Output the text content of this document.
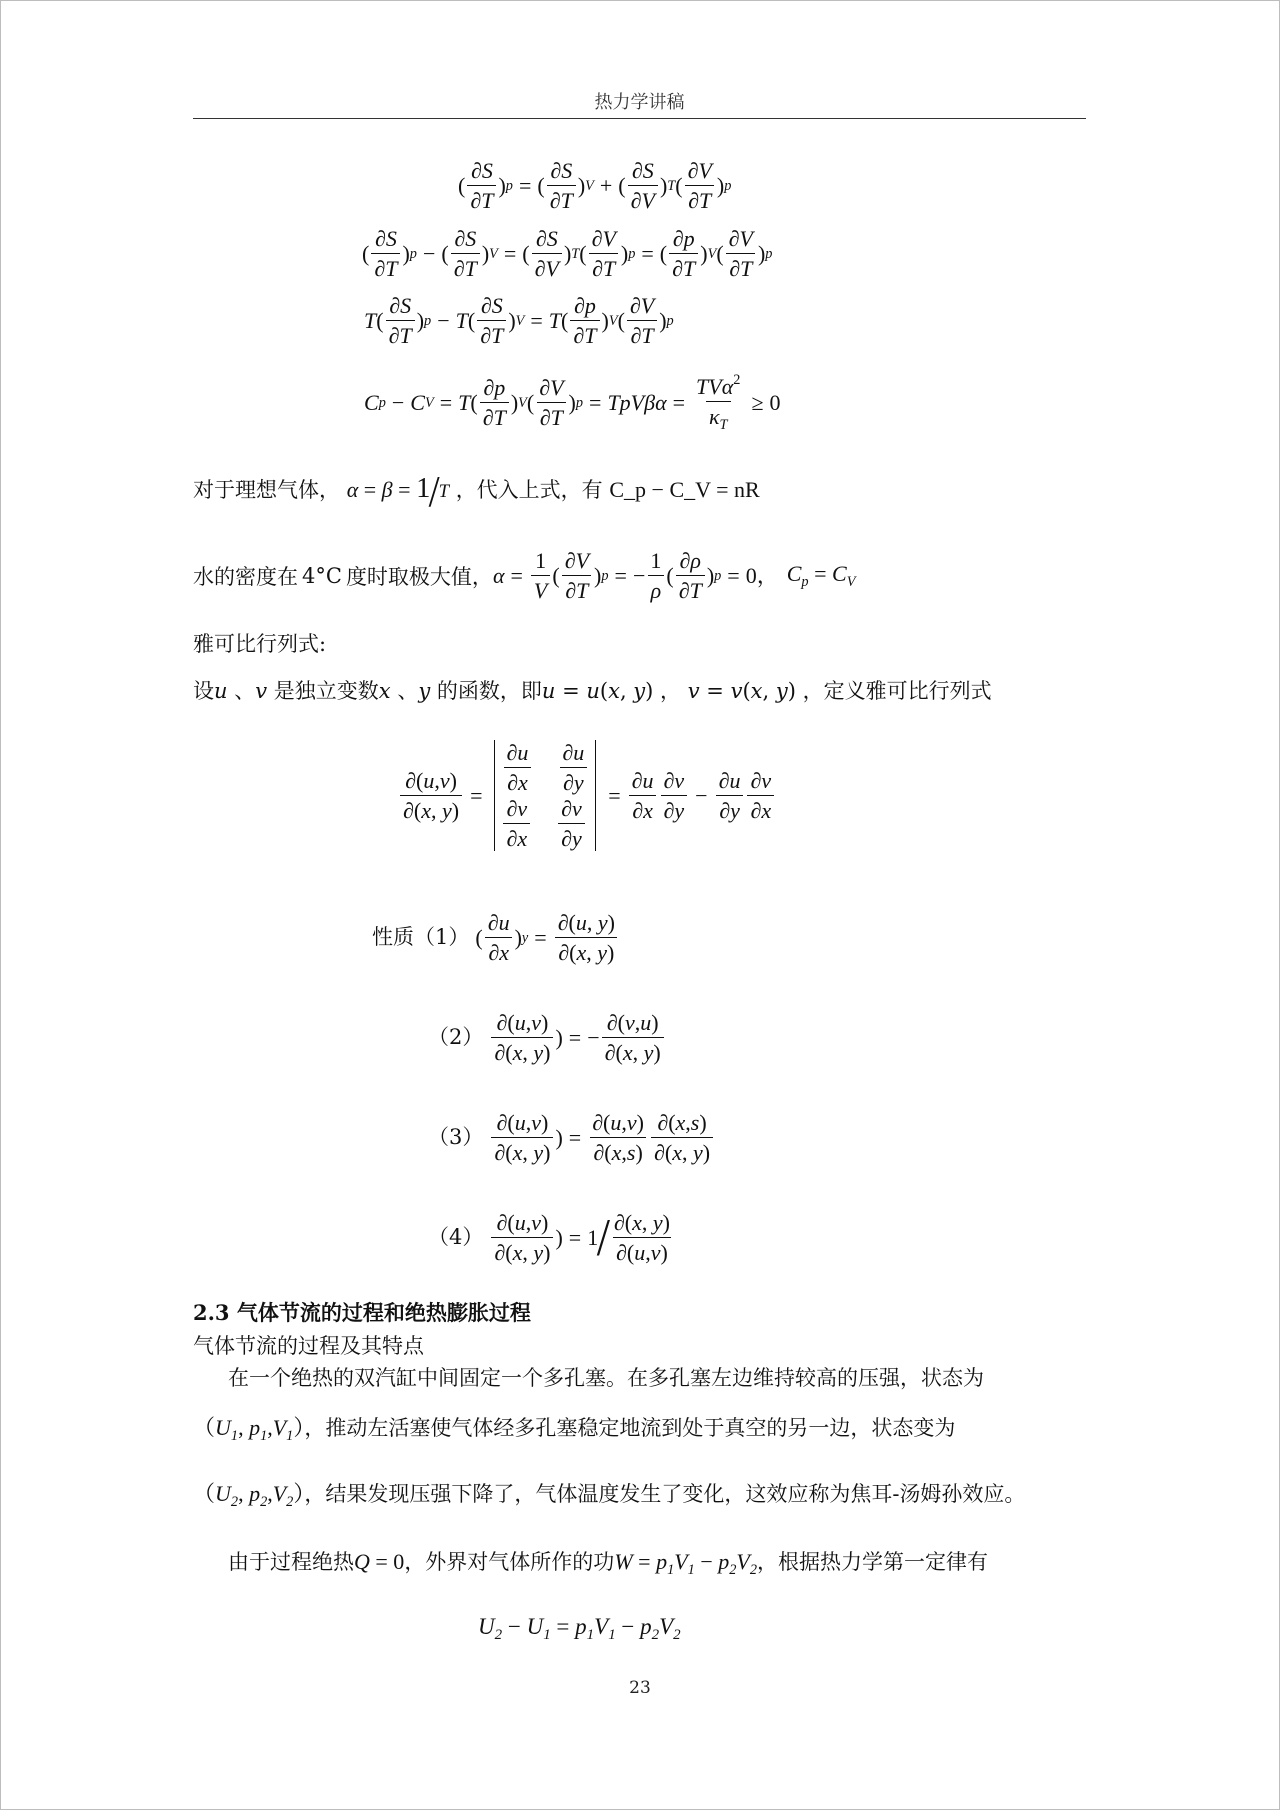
热力学讲稿
( $\frac{\partial S}{\partial T}$ ) p = ( $\frac{\partial S}{\partial T}$ ) V + ( $\frac{\partial S}{\partial V}$ ) T ( $\frac{\partial V}{\partial T}$ ) p
( $\frac{\partial S}{\partial T}$ ) p − ( $\frac{\partial S}{\partial T}$ ) V = ( $\frac{\partial S}{\partial V}$ ) T ( $\frac{\partial V}{\partial T}$ ) p = ( $\frac{\partial p}{\partial T}$ ) V ( $\frac{\partial V}{\partial T}$ ) p
T ( $\frac{\partial S}{\partial T}$ ) p − T ( $\frac{\partial S}{\partial T}$ ) V = T ( $\frac{\partial p}{\partial T}$ ) V ( $\frac{\partial V}{\partial T}$ ) p
C p − C V = T ( $\frac{\partial p}{\partial T}$ ) V ( $\frac{\partial V}{\partial T}$ ) $p = TpV\beta\alpha = \frac{TV\alpha^2}{\kappa_T} \ge 0$
对于理想气体， α = β = 1/T ，代入上式，有 C_p − C_V = nR
水的密度在 4°C 度时取极大值， $\alpha = \frac{1}{V}$ ( $\frac{\partial V}{\partial T}$ ) p = − $\frac{1}{\rho}$ ( $\frac{\partial\rho}{\partial T}$ ) p = 0， $C_p = C_V$
雅可比行列式:
设u 、v 是独立变数x 、y 的函数，即u = u(x, y) ， v = v(x, y) ，定义雅可比行列式
$\frac{\partial(u,v)}{\partial(x, y)} = \frac{\partial u}{\partial x} \frac{\partial u}{\partial y}$
$\frac{\partial v}{\partial x} \frac{\partial v}{\partial y}$
= $\frac{\partial u}{\partial x} \frac{\partial v}{\partial y} - \frac{\partial u}{\partial y} \frac{\partial v}{\partial x}$
性质（1） ( $\frac{\partial u}{\partial x}$ ) $y = \frac{\partial(u, y)}{\partial(x, y)}$
$(2) \frac{\partial(u,v)}{\partial(x, y)}$ ) = − $\frac{\partial(v,u)}{\partial(x, y)}$
$(3) \frac{\partial(u,v)}{\partial(x, y)}$ ) = $\frac{\partial(u,v)}{\partial(x,s)} \frac{\partial(x,s)}{\partial(x, y)}$
$(4) \frac{\partial(u,v)}{\partial(x, y)}$ ) = 1
/ $\frac{\partial(x, y)}{\partial(u,v)}$
2.3 气体节流的过程和绝热膨胀过程
气体节流的过程及其特点
在一个绝热的双汽缸中间固定一个多孔塞。在多孔塞左边维持较高的压强，状态为
（$U_1$, $p_1,V_1$），推动左活塞使气体经多孔塞稳定地流到处于真空的另一边，状态变为
（$U_2$, $p_2,V_2$），结果发现压强下降了，气体温度发生了变化，这效应称为焦耳-汤姆孙效应。
由于过程绝热Q = 0，外界对气体所作的功$W = p_1V_1 - p_2V_2$，根据热力学第一定律有
$U_2 - U_1 = p_1V_1 - p_2V_2$
23
